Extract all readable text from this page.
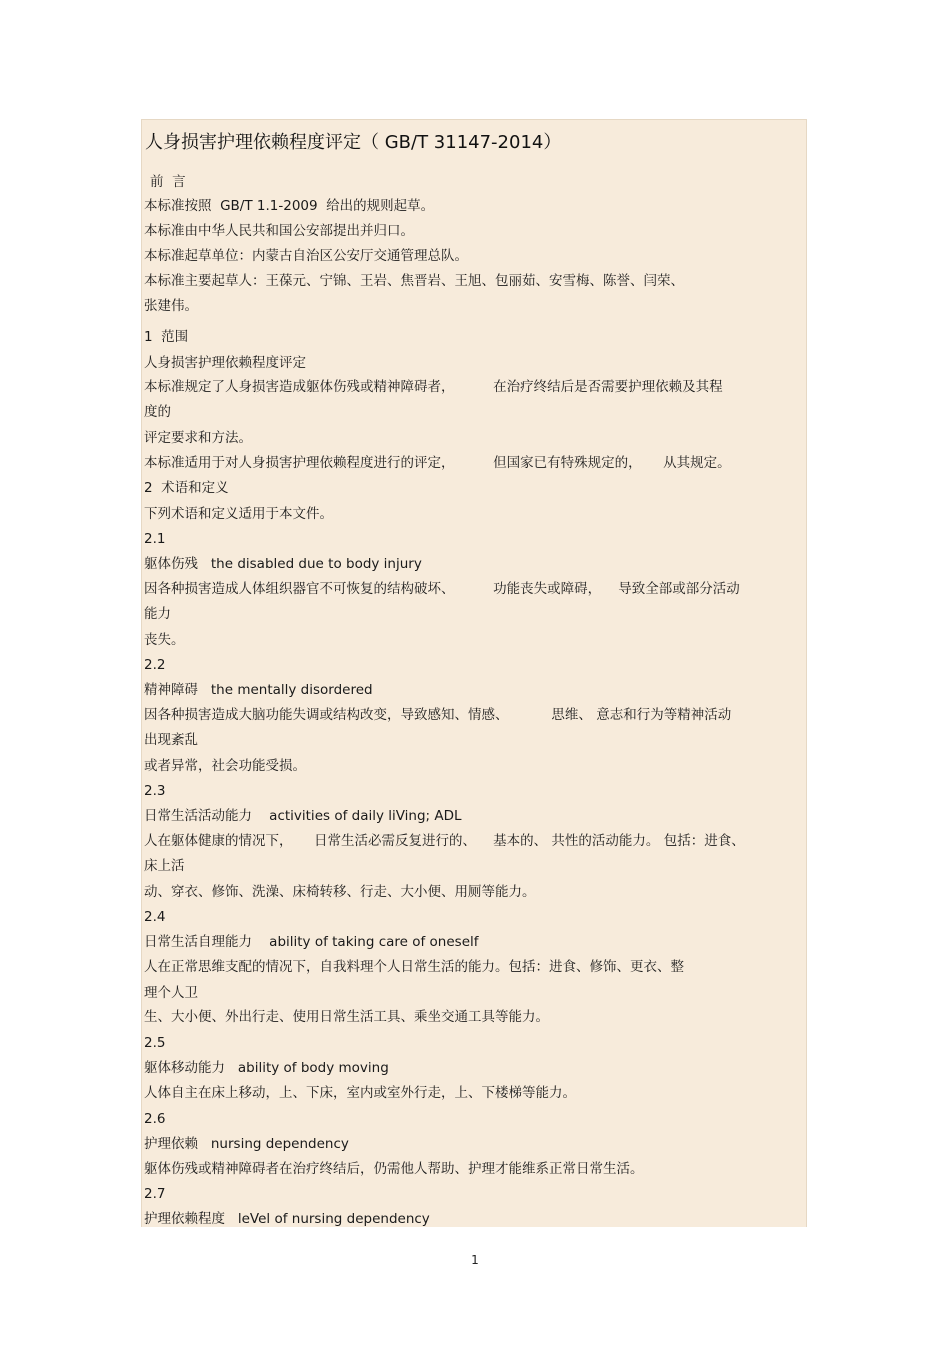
人身损害护理依赖程度评定（ GB/T 31147-2014）
前  言
本标准按照  GB/T 1.1-2009  给出的规则起草。
本标准由中华人民共和国公安部提出并归口。
本标准起草单位：内蒙古自治区公安厅交通管理总队。
本标准主要起草人：王葆元、宁锦、王岩、焦晋岩、王旭、包丽茹、安雪梅、陈誉、闫荣、
张建伟。
1  范围
人身损害护理依赖程度评定
本标准规定了人身损害造成躯体伤残或精神障碍者，         在治疗终结后是否需要护理依赖及其程
度的
评定要求和方法。
本标准适用于对人身损害护理依赖程度进行的评定，         但国家已有特殊规定的，     从其规定。
2  术语和定义
下列术语和定义适用于本文件。
2.1
躯体伤残   the disabled due to body injury
因各种损害造成人体组织器官不可恢复的结构破坏、         功能丧失或障碍，    导致全部或部分活动
能力
丧失。
2.2
精神障碍   the mentally disordered
因各种损害造成大脑功能失调或结构改变，导致感知、情感、          思维、 意志和行为等精神活动
出现紊乱
或者异常，社会功能受损。
2.3
日常生活活动能力    activities of daily liVing; ADL
人在躯体健康的情况下，     日常生活必需反复进行的、    基本的、 共性的活动能力。 包括：进食、
床上活
动、穿衣、修饰、洗澡、床椅转移、行走、大小便、用厕等能力。
2.4
日常生活自理能力    ability of taking care of oneself
人在正常思维支配的情况下，自我料理个人日常生活的能力。包括：进食、修饰、更衣、整
理个人卫
生、大小便、外出行走、使用日常生活工具、乘坐交通工具等能力。
2.5
躯体移动能力   ability of body moving
人体自主在床上移动，上、下床，室内或室外行走，上、下楼梯等能力。
2.6
护理依赖   nursing dependency
躯体伤残或精神障碍者在治疗终结后，仍需他人帮助、护理才能维系正常日常生活。
2.7
护理依赖程度   leVel of nursing dependency
1
